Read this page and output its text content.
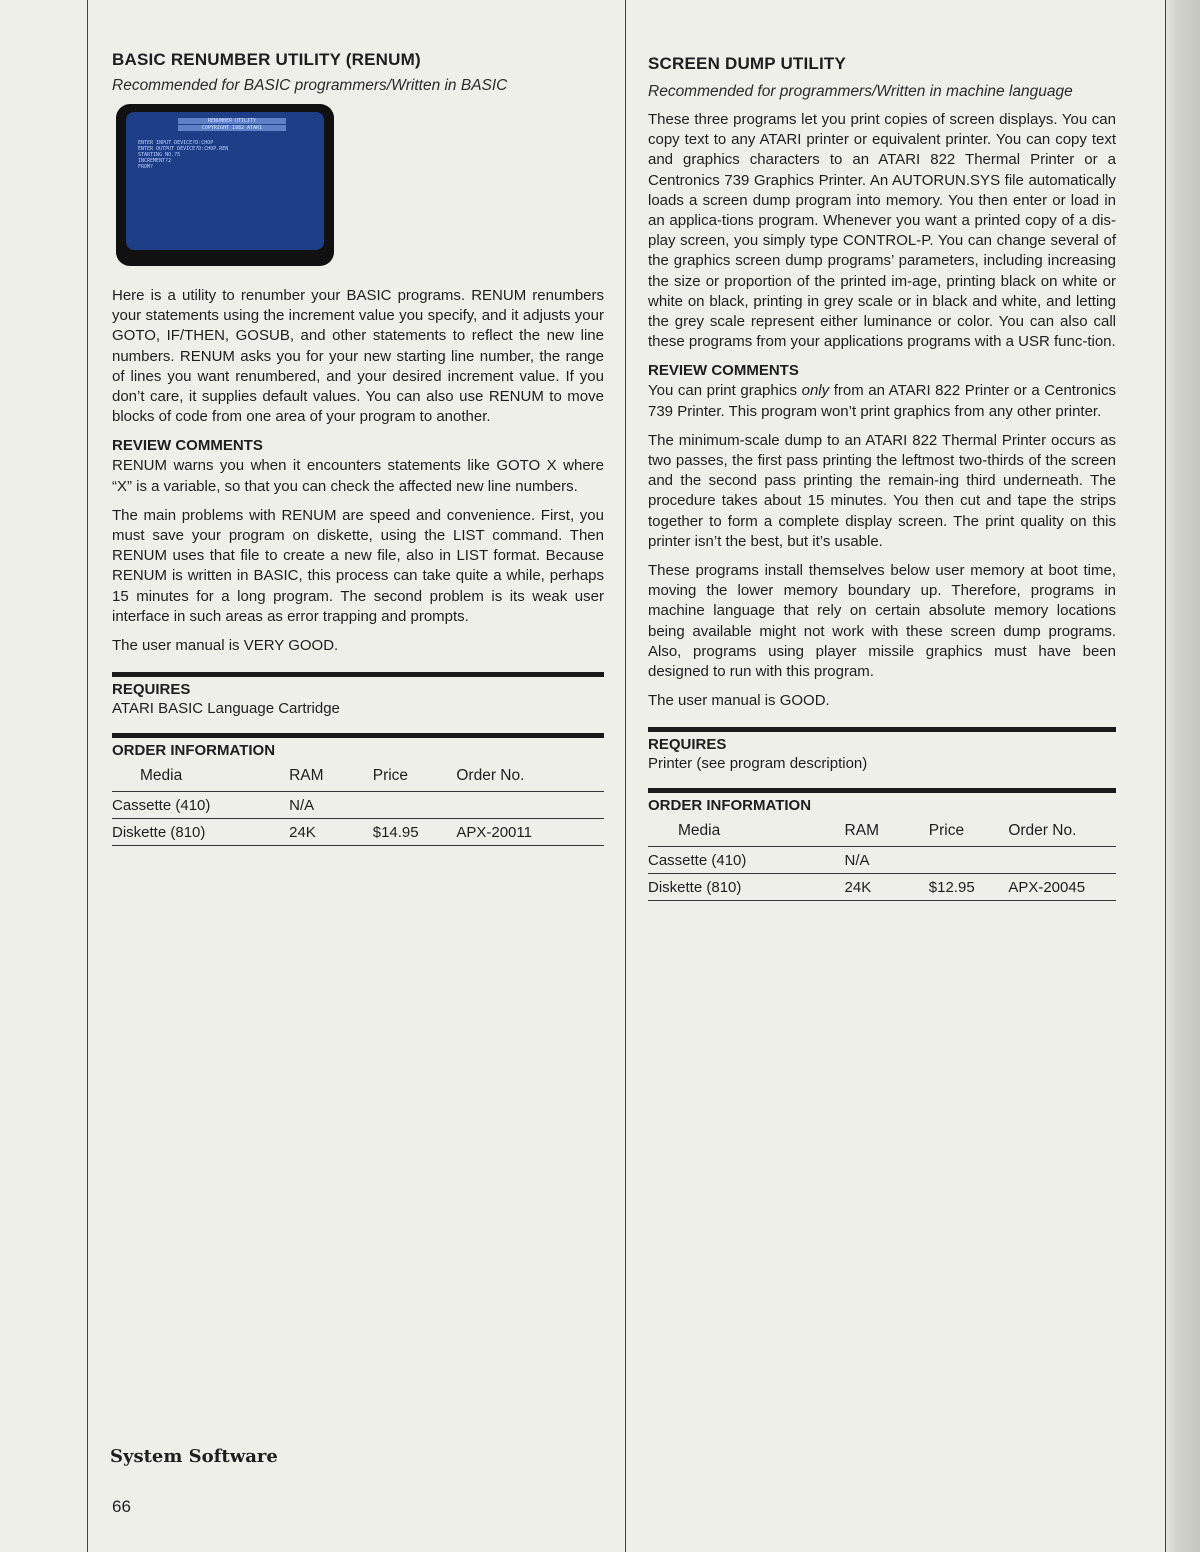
BASIC RENUMBER UTILITY (RENUM)
Recommended for BASIC programmers/Written in BASIC
RENUMBER UTILITY
COPYRIGHT 1982 ATARI
ENTER INPUT DEVICE?D:CHOP
ENTER OUTPUT DEVICE?D:CHOP.REN
STARTING NO.?5
INCREMENT?2
FROM?

Here is a utility to renumber your BASIC programs. RENUM renumbers your statements using the increment value you specify, and it adjusts your GOTO, IF/THEN, GOSUB, and other statements to reflect the new line numbers. RENUM asks you for your new starting line number, the range of lines you want renumbered, and your desired increment value. If you don’t care, it supplies default values. You can also use RENUM to move blocks of code from one area of your program to another.

REVIEW COMMENTS

RENUM warns you when it encounters statements like GOTO X where “X” is a variable, so that you can check the affected new line numbers.

The main problems with RENUM are speed and convenience. First, you must save your program on diskette, using the LIST command. Then RENUM uses that file to create a new file, also in LIST format. Because RENUM is written in BASIC, this process can take quite a while, perhaps 15 minutes for a long program. The second problem is its weak user interface in such areas as error trapping and prompts.

The user manual is VERY GOOD.

REQUIRES
ATARI BASIC Language Cartridge
ORDER INFORMATION
Media	RAM	Price	Order No.
Cassette (410)	N/A		
Diskette (810)	24K	$14.95	APX-20011
SCREEN DUMP UTILITY
Recommended for programmers/Written in machine language

These three programs let you print copies of screen displays. You can copy text to any ATARI printer or equivalent printer. You can copy text and graphics characters to an ATARI 822 Thermal Printer or a Centronics 739 Graphics Printer. An AUTORUN.SYS file automatically loads a screen dump program into memory. You then enter or load in an applica-tions program. Whenever you want a printed copy of a dis-play screen, you simply type CONTROL-P. You can change several of the graphics screen dump programs’ parameters, including increasing the size or proportion of the printed im-age, printing black on white or white on black, printing in grey scale or in black and white, and letting the grey scale represent either luminance or color. You can also call these programs from your applications programs with a USR func-tion.

REVIEW COMMENTS

You can print graphics only from an ATARI 822 Printer or a Centronics 739 Printer. This program won’t print graphics from any other printer.

The minimum-scale dump to an ATARI 822 Thermal Printer occurs as two passes, the first pass printing the leftmost two-thirds of the screen and the second pass printing the remain-ing third underneath. The procedure takes about 15 minutes. You then cut and tape the strips together to form a complete display screen. The print quality on this printer isn’t the best, but it’s usable.

These programs install themselves below user memory at boot time, moving the lower memory boundary up. Therefore, programs in machine language that rely on certain absolute memory locations being available might not work with these screen dump programs. Also, programs using player missile graphics must have been designed to run with this program.

The user manual is GOOD.

REQUIRES
Printer (see program description)
ORDER INFORMATION
Media	RAM	Price	Order No.
Cassette (410)	N/A		
Diskette (810)	24K	$12.95	APX-20045
System Software
66
